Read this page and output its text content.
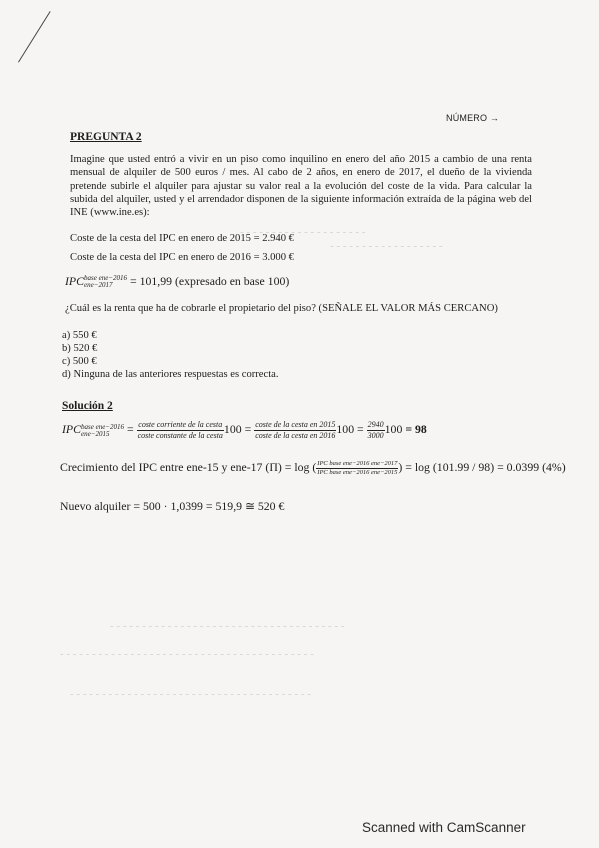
- - - - - - - - - - - - - - - - - - - -
- - - - - - - - - - - - - - - - - -
- - - - - - - - - - - - - - - - - - - - - - - - - - - - - - - - - - - - -
- - - - - - - - - - - - - - - - - - - - - - - - - - - - - - - - - - - - - - - -
- - - - - - - - - - - - - - - - - - - - - - - - - - - - - - - - - - - - - -
NÚMERO →
PREGUNTA 2
Imagine que usted entró a vivir en un piso como inquilino en enero del año 2015 a cambio de una renta mensual de alquiler de 500 euros / mes. Al cabo de 2 años, en enero de 2017, el dueño de la vivienda pretende subirle el alquiler para ajustar su valor real a la evolución del coste de la vida. Para calcular la subida del alquiler, usted y el arrendador disponen de la siguiente información extraída de la página web del INE (www.ine.es):
Coste de la cesta del IPC en enero de 2015 = 2.940 €
Coste de la cesta del IPC en enero de 2016 = 3.000 €
IPCbase ene−2016
ene−2017 = 101,99 (expresado en base 100)
¿Cuál es la renta que ha de cobrarle el propietario del piso? (SEÑALE EL VALOR MÁS CERCANO)
a) 550 €
b) 520 €
c) 500 €
d) Ninguna de las anteriores respuestas es correcta.
Solución 2
IPCbase ene−2016
$ene-2015 = \frac{\text{coste corriente de la cesta}}{\text{coste constante de la cesta}} 100 = \frac{\text{coste de la cesta en 2015}}{\text{coste de la cesta en 2016}} 100 = \frac{2940}{3000} 100 = 98$
Crecimiento del IPC entre ene-15 y ene-17 (Π) = log ( $\frac{\text{IPC base ene−2016 ene−2017}}{\text{IPC base ene−2016 ene−2015}}$ ) = log (101.99 / 98) = 0.0399 (4%)
Nuevo alquiler = 500 · 1,0399 = 519,9 ≅ 520 €
Scanned with CamScanner
